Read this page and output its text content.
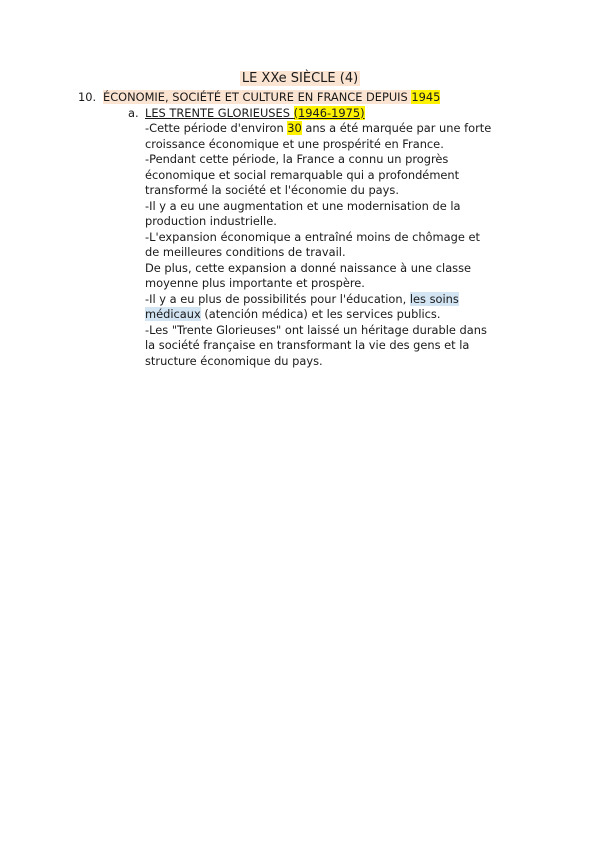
LE XXe SIÈCLE (4)
10. ÉCONOMIE, SOCIÉTÉ ET CULTURE EN FRANCE DEPUIS 1945
a. LES TRENTE GLORIEUSES (1946-1975)
-Cette période d'environ 30 ans a été marquée par une forte
croissance économique et une prospérité en France.
-Pendant cette période, la France a connu un progrès
économique et social remarquable qui a profondément
transformé la société et l'économie du pays.
-Il y a eu une augmentation et une modernisation de la
production industrielle.
-L'expansion économique a entraîné moins de chômage et
de meilleures conditions de travail.
De plus, cette expansion a donné naissance à une classe
moyenne plus importante et prospère.
-Il y a eu plus de possibilités pour l'éducation, les soins
médicaux (atención médica) et les services publics.
-Les "Trente Glorieuses" ont laissé un héritage durable dans
la société française en transformant la vie des gens et la
structure économique du pays.
